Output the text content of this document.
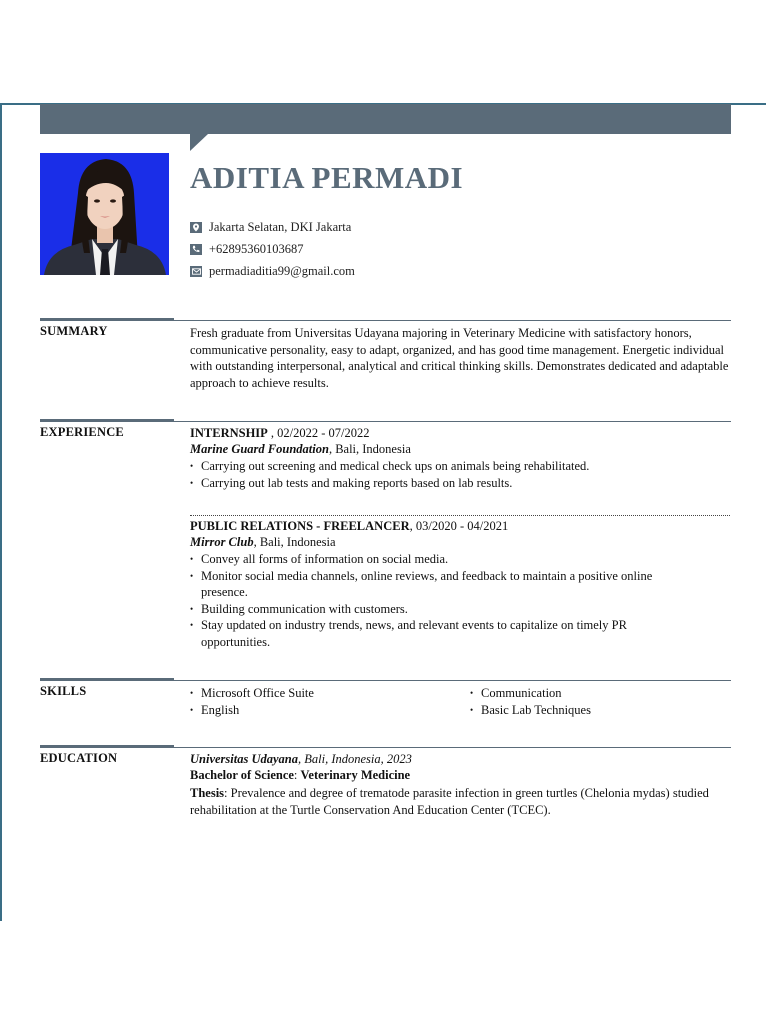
ADITIA PERMADI
Jakarta Selatan, DKI Jakarta
+62895360103687
permadiaditia99@gmail.com
SUMMARY	Fresh graduate from Universitas Udayana majoring in Veterinary Medicine with satisfactory honors, communicative personality, easy to adapt, organized, and has good time management. Energetic individual with outstanding interpersonal, analytical and critical thinking skills. Demonstrates dedicated and adaptable approach to achieve results.
EXPERIENCE	INTERNSHIP , 02/2022 - 07/2022
Marine Guard Foundation, Bali, Indonesia
• Carrying out screening and medical check ups on animals being rehabilitated.
• Carrying out lab tests and making reports based on lab results.
PUBLIC RELATIONS - FREELANCER, 03/2020 - 04/2021
Mirror Club, Bali, Indonesia
• Convey all forms of information on social media.
• Monitor social media channels, online reviews, and feedback to maintain a positive online presence.
• Building communication with customers.
• Stay updated on industry trends, news, and relevant events to capitalize on timely PR opportunities.
SKILLS
•	Microsoft Office Suite
• English
• Communication
• Basic Lab Techniques
EDUCATION	Universitas Udayana, Bali, Indonesia, 2023
Bachelor of Science: Veterinary Medicine
Thesis: Prevalence and degree of trematode parasite infection in green turtles (Chelonia mydas) studied rehabilitation at the Turtle Conservation And Education Center (TCEC).
